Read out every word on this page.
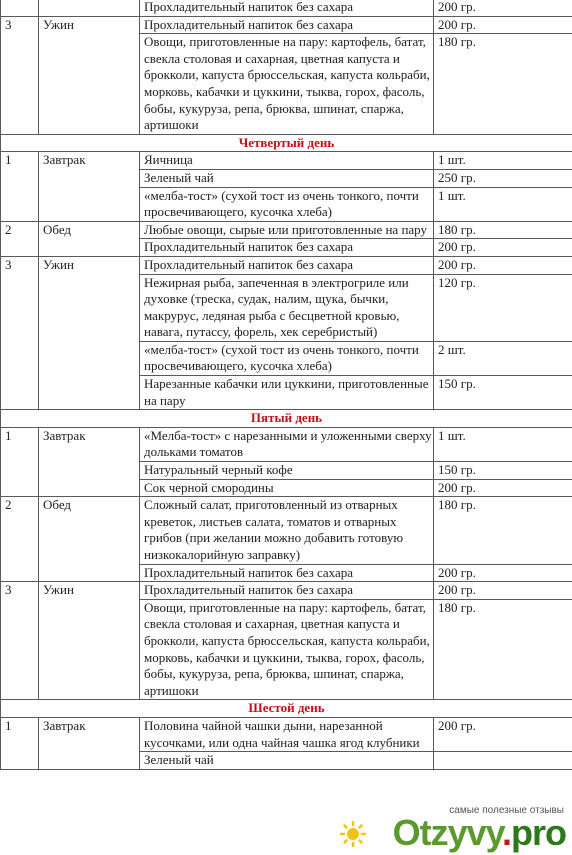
		Прохладительный напиток без сахара	200 гр.
3	Ужин	Прохладительный напиток без сахара	200 гр.
		Овощи, приготовленные на пару: картофель, батат, свекла столовая и сахарная, цветная капуста и брокколи, капуста брюссельская, капуста кольраби, морковь, кабачки и цуккини, тыква, горох, фасоль, бобы, кукуруза, репа, брюква, шпинат, спаржа, артишоки	180 гр.
Четвертый день			
1	Завтрак	Яичница	1 шт.
		Зеленый чай	250 гр.
		«мелба-тост» (сухой тост из очень тонкого, почти просвечивающего, кусочка хлеба)	1 шт.
2	Обед	Любые овощи, сырые или приготовленные на пару	180 гр.
		Прохладительный напиток без сахара	200 гр.
3	Ужин	Прохладительный напиток без сахара	200 гр.
		Нежирная рыба, запеченная в электрогриле или духовке (треска, судак, налим, щука, бычки, макрурус, ледяная рыба с бесцветной кровью, навага, путассу, форель, хек серебристый)	120 гр.
		«мелба-тост» (сухой тост из очень тонкого, почти просвечивающего, кусочка хлеба)	2 шт.
		Нарезанные кабачки или цуккини, приготовленные на пару	150 гр.
Пятый день			
1	Завтрак	«Мелба-тост» с нарезанными и уложенными сверху дольками томатов	1 шт.
		Натуральный черный кофе	150 гр.
		Сок черной смородины	200 гр.
2	Обед	Сложный салат, приготовленный из отварных креветок, листьев салата, томатов и отварных грибов (при желании можно добавить готовую низкокалорийную заправку)	180 гр.
		Прохладительный напиток без сахара	200 гр.
3	Ужин	Прохладительный напиток без сахара	200 гр.
		Овощи, приготовленные на пару: картофель, батат, свекла столовая и сахарная, цветная капуста и брокколи, капуста брюссельская, капуста кольраби, морковь, кабачки и цуккини, тыква, горох, фасоль, бобы, кукуруза, репа, брюква, шпинат, спаржа, артишоки	180 гр.
Шестой день			
1	Завтрак	Половина чайной чашки дыни, нарезанной кусочками, или одна чайная чашка ягод клубники	200 гр.
		Зеленый чай	
самые полезные отзывы
Otzyvy.pro
